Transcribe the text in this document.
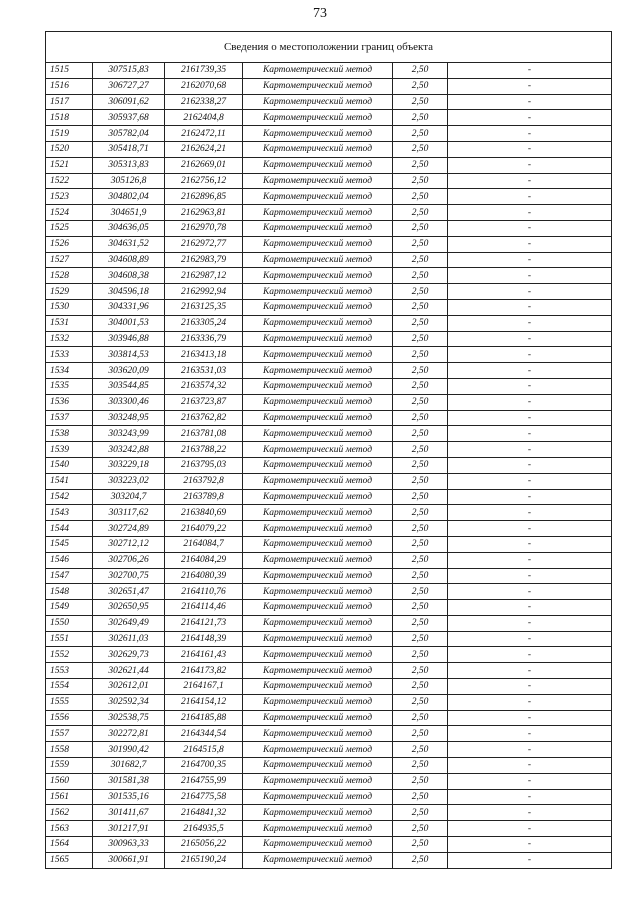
73
Сведения о местоположении границ объекта					
1515	307515,83	2161739,35	Картометрический метод	2,50	-
1516	306727,27	2162070,68	Картометрический метод	2,50	-
1517	306091,62	2162338,27	Картометрический метод	2,50	-
1518	305937,68	2162404,8	Картометрический метод	2,50	-
1519	305782,04	2162472,11	Картометрический метод	2,50	-
1520	305418,71	2162624,21	Картометрический метод	2,50	-
1521	305313,83	2162669,01	Картометрический метод	2,50	-
1522	305126,8	2162756,12	Картометрический метод	2,50	-
1523	304802,04	2162896,85	Картометрический метод	2,50	-
1524	304651,9	2162963,81	Картометрический метод	2,50	-
1525	304636,05	2162970,78	Картометрический метод	2,50	-
1526	304631,52	2162972,77	Картометрический метод	2,50	-
1527	304608,89	2162983,79	Картометрический метод	2,50	-
1528	304608,38	2162987,12	Картометрический метод	2,50	-
1529	304596,18	2162992,94	Картометрический метод	2,50	-
1530	304331,96	2163125,35	Картометрический метод	2,50	-
1531	304001,53	2163305,24	Картометрический метод	2,50	-
1532	303946,88	2163336,79	Картометрический метод	2,50	-
1533	303814,53	2163413,18	Картометрический метод	2,50	-
1534	303620,09	2163531,03	Картометрический метод	2,50	-
1535	303544,85	2163574,32	Картометрический метод	2,50	-
1536	303300,46	2163723,87	Картометрический метод	2,50	-
1537	303248,95	2163762,82	Картометрический метод	2,50	-
1538	303243,99	2163781,08	Картометрический метод	2,50	-
1539	303242,88	2163788,22	Картометрический метод	2,50	-
1540	303229,18	2163795,03	Картометрический метод	2,50	-
1541	303223,02	2163792,8	Картометрический метод	2,50	-
1542	303204,7	2163789,8	Картометрический метод	2,50	-
1543	303117,62	2163840,69	Картометрический метод	2,50	-
1544	302724,89	2164079,22	Картометрический метод	2,50	-
1545	302712,12	2164084,7	Картометрический метод	2,50	-
1546	302706,26	2164084,29	Картометрический метод	2,50	-
1547	302700,75	2164080,39	Картометрический метод	2,50	-
1548	302651,47	2164110,76	Картометрический метод	2,50	-
1549	302650,95	2164114,46	Картометрический метод	2,50	-
1550	302649,49	2164121,73	Картометрический метод	2,50	-
1551	302611,03	2164148,39	Картометрический метод	2,50	-
1552	302629,73	2164161,43	Картометрический метод	2,50	-
1553	302621,44	2164173,82	Картометрический метод	2,50	-
1554	302612,01	2164167,1	Картометрический метод	2,50	-
1555	302592,34	2164154,12	Картометрический метод	2,50	-
1556	302538,75	2164185,88	Картометрический метод	2,50	-
1557	302272,81	2164344,54	Картометрический метод	2,50	-
1558	301990,42	2164515,8	Картометрический метод	2,50	-
1559	301682,7	2164700,35	Картометрический метод	2,50	-
1560	301581,38	2164755,99	Картометрический метод	2,50	-
1561	301535,16	2164775,58	Картометрический метод	2,50	-
1562	301411,67	2164841,32	Картометрический метод	2,50	-
1563	301217,91	2164935,5	Картометрический метод	2,50	-
1564	300963,33	2165056,22	Картометрический метод	2,50	-
1565	300661,91	2165190,24	Картометрический метод	2,50	-
